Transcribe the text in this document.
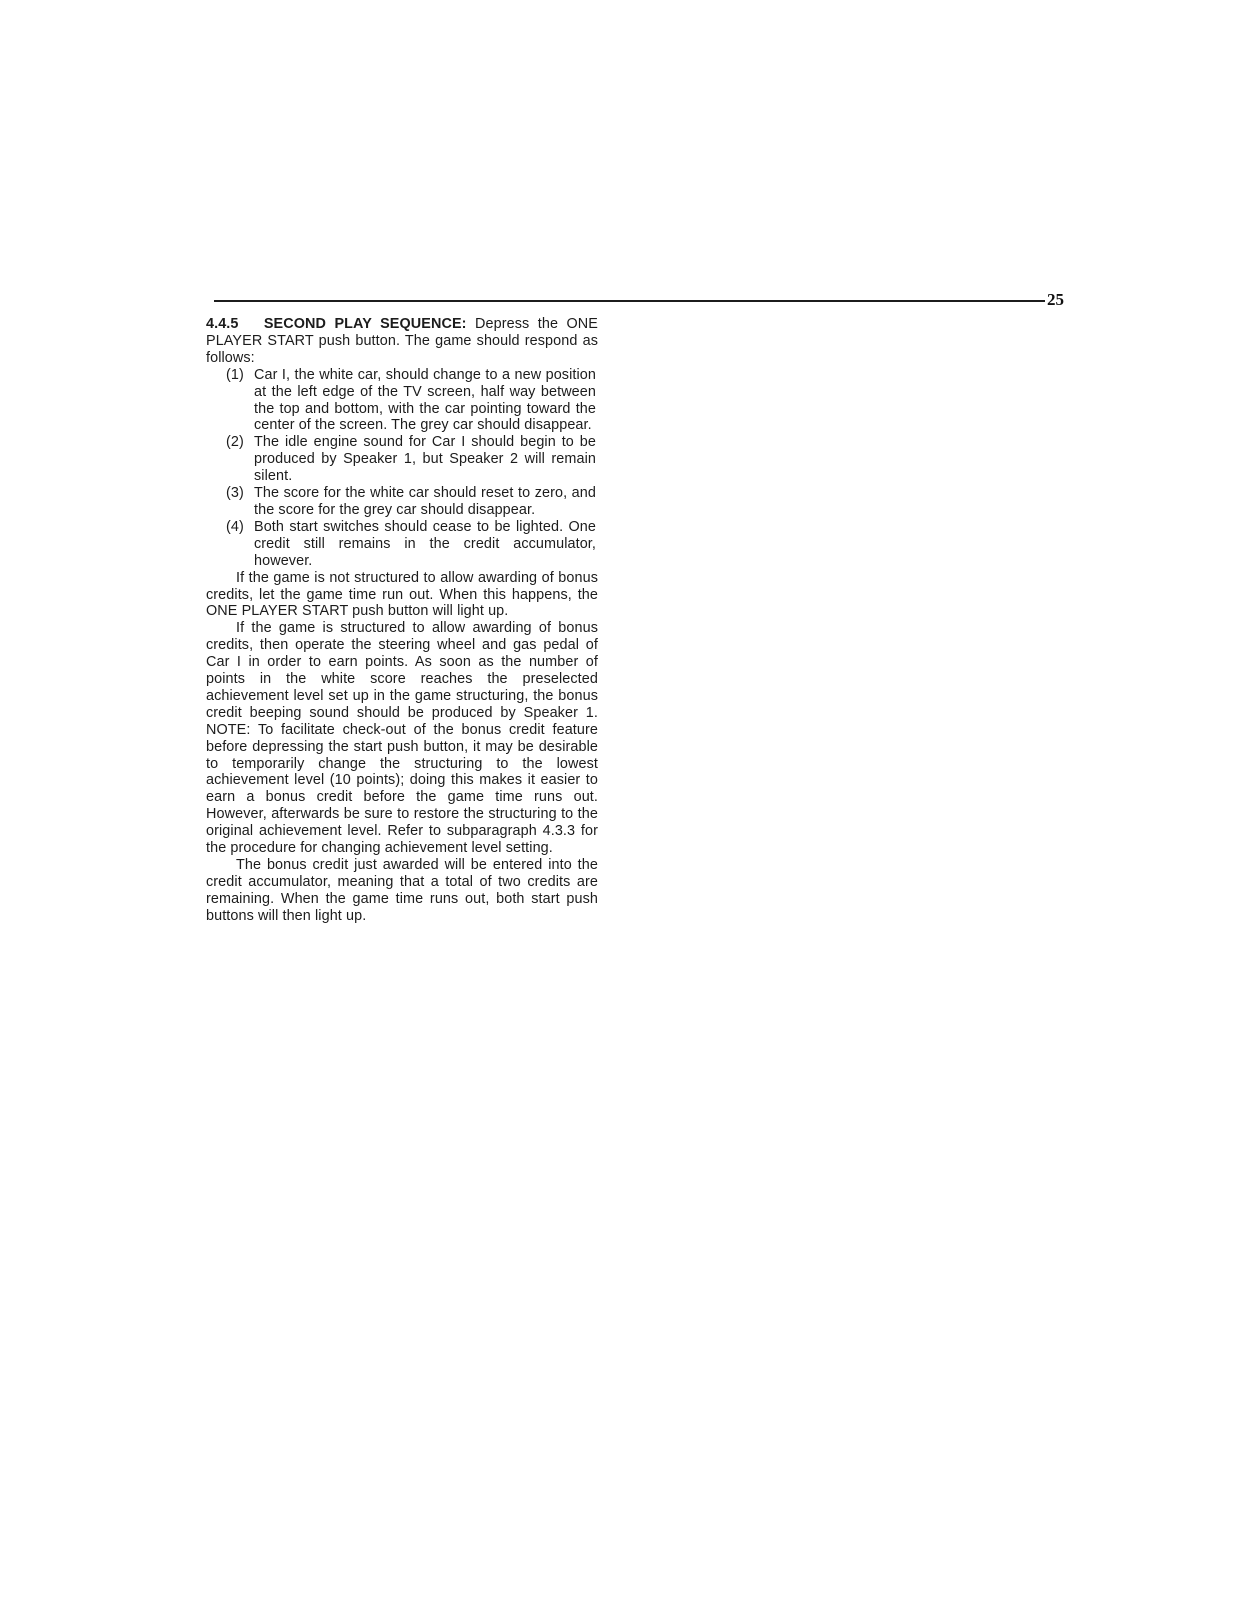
25

4.4.5 SECOND PLAY SEQUENCE: Depress the ONE PLAYER START push button. The game should respond as follows:

(1) Car I, the white car, should change to a new position at the left edge of the TV screen, half way between the top and bottom, with the car pointing toward the center of the screen. The grey car should disappear.
(2) The idle engine sound for Car I should begin to be produced by Speaker 1, but Speaker 2 will remain silent.
(3) The score for the white car should reset to zero, and the score for the grey car should disappear.
(4) Both start switches should cease to be lighted. One credit still remains in the credit accumulator, however.

If the game is not structured to allow awarding of bonus credits, let the game time run out. When this happens, the ONE PLAYER START push button will light up.

If the game is structured to allow awarding of bonus credits, then operate the steering wheel and gas pedal of Car I in order to earn points. As soon as the number of points in the white score reaches the preselected achievement level set up in the game structuring, the bonus credit beeping sound should be produced by Speaker 1. NOTE: To facilitate check-out of the bonus credit feature before depressing the start push button, it may be desirable to temporarily change the structuring to the lowest achievement level (10 points); doing this makes it easier to earn a bonus credit before the game time runs out. However, afterwards be sure to restore the structuring to the original achievement level. Refer to subparagraph 4.3.3 for the procedure for changing achievement level setting.

The bonus credit just awarded will be entered into the credit accumulator, meaning that a total of two credits are remaining. When the game time runs out, both start push buttons will then light up.
